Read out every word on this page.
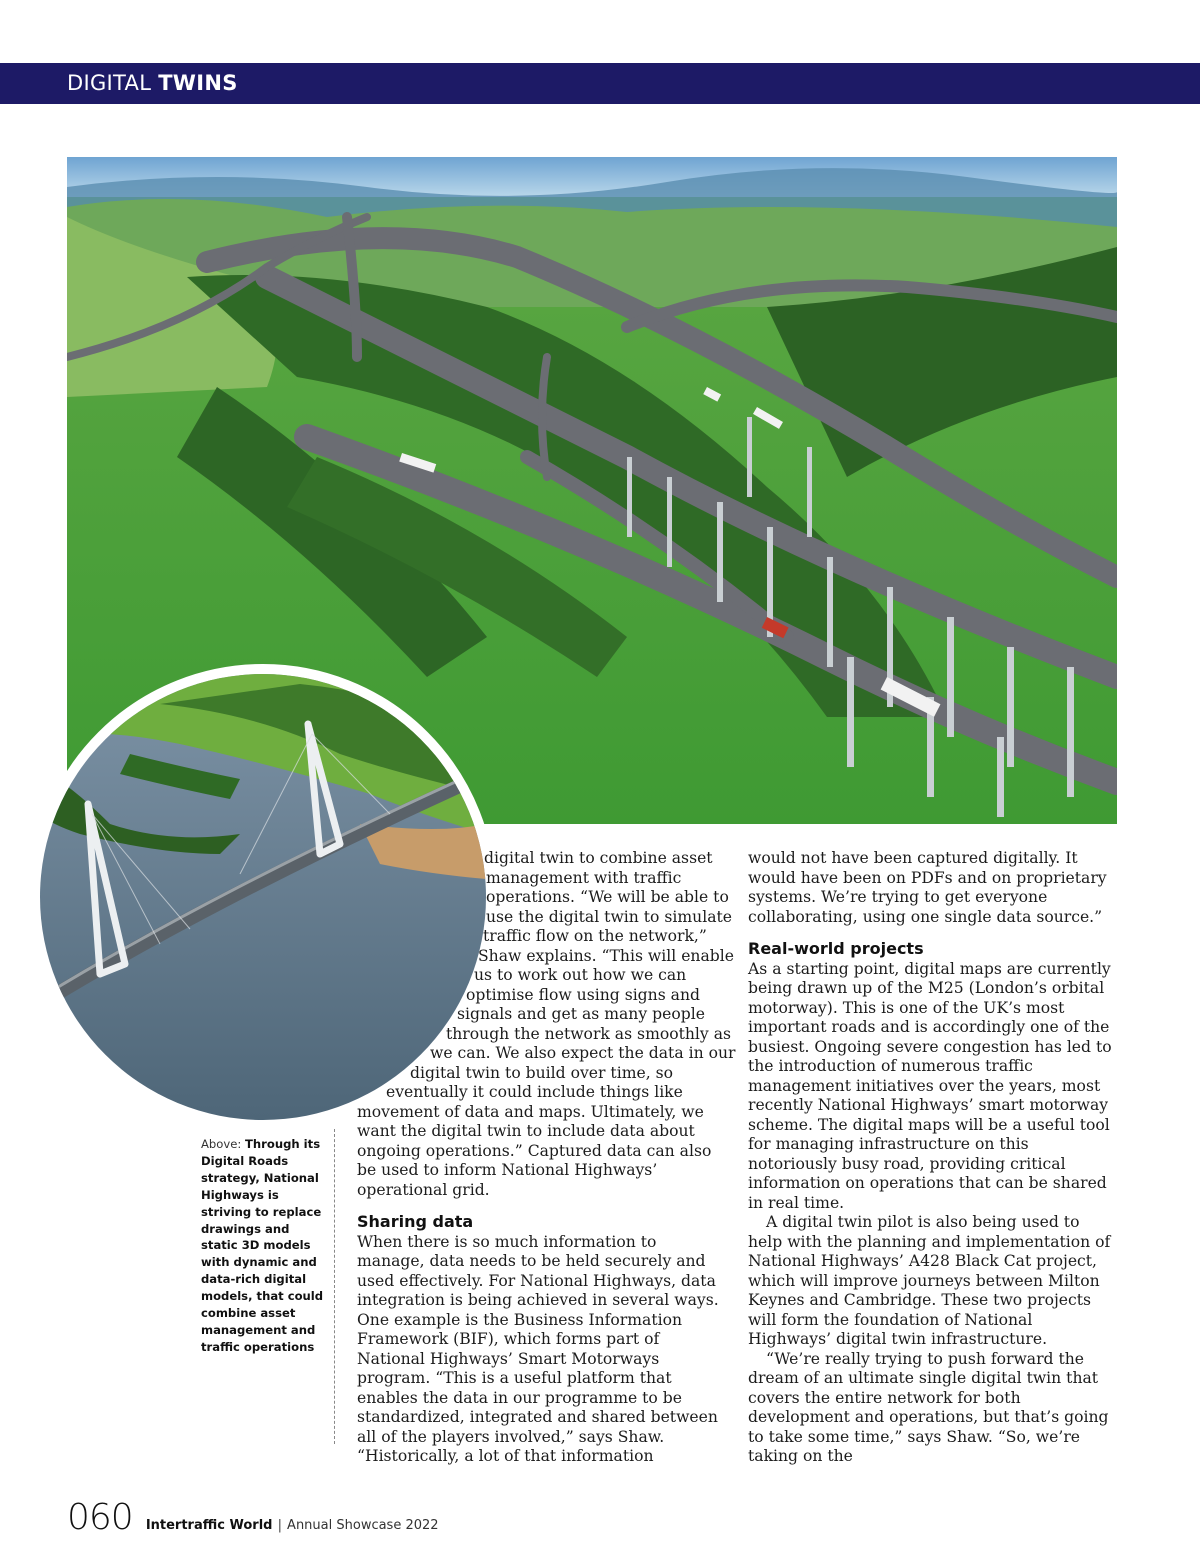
DIGITAL TWINS
digital twin to combine asset
management with traffic
operations. “We will be able to
use the digital twin to simulate
traffic flow on the network,”
Shaw explains. “This will enable
us to work out how we can
optimise flow using signs and
signals and get as many people
through the network as smoothly as
we can. We also expect the data in our
digital twin to build over time, so
eventually it could include things like

movement of data and maps. Ultimately, we want the digital twin to include data about ongoing operations.” Captured data can also be used to inform National Highways’ operational grid.

Sharing data

When there is so much information to manage, data needs to be held securely and used effectively. For National Highways, data integration is being achieved in several ways. One example is the Business Information Framework (BIF), which forms part of National Highways’ Smart Motorways program. “This is a useful platform that enables the data in our programme to be standardized, integrated and shared between all of the players involved,” says Shaw. “Historically, a lot of that information

would not have been captured digitally. It would have been on PDFs and on proprietary systems. We’re trying to get everyone collaborating, using one single data source.”

Real-world projects

As a starting point, digital maps are currently being drawn up of the M25 (London’s orbital motorway). This is one of the UK’s most important roads and is accordingly one of the busiest. Ongoing severe congestion has led to the introduction of numerous traffic management initiatives over the years, most recently National Highways’ smart motorway scheme. The digital maps will be a useful tool for managing infrastructure on this notoriously busy road, providing critical information on operations that can be shared in real time.

A digital twin pilot is also being used to help with the planning and implementation of National Highways’ A428 Black Cat project, which will improve journeys between Milton Keynes and Cambridge. These two projects will form the foundation of National Highways’ digital twin infrastructure.

“We’re really trying to push forward the dream of an ultimate single digital twin that covers the entire network for both development and operations, but that’s going to take some time,” says Shaw. “So, we’re taking on the

Above: Through its Digital Roads strategy, National Highways is striving to replace drawings and static 3D models with dynamic and data-rich digital models, that could combine asset management and traffic operations
060 Intertraffic World | Annual Showcase 2022
